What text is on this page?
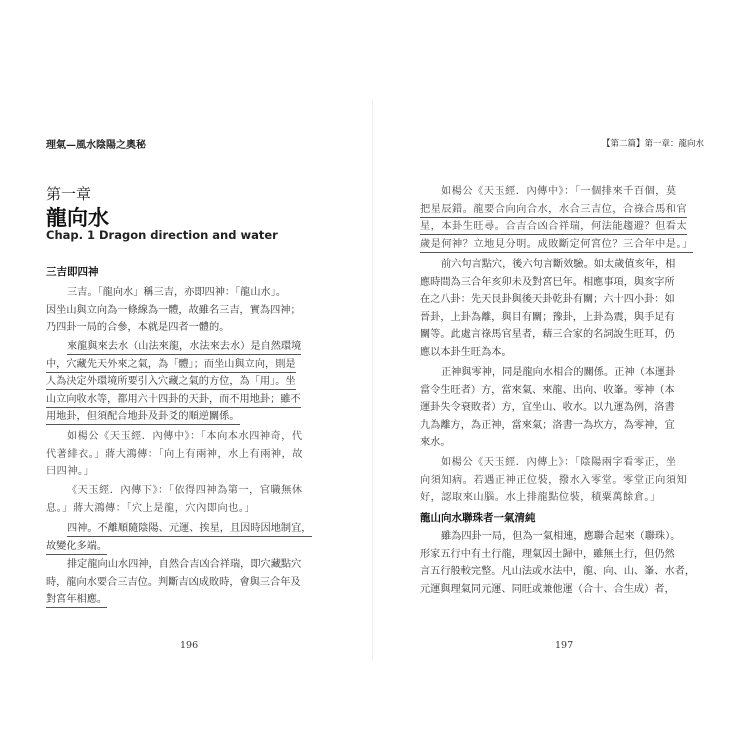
理氣—風水陰陽之奧秘
第一章
龍向水
Chap. 1 Dragon direction and water
三吉即四神
三吉。「龍向水」稱三吉，亦即四神：「龍山水」。
因坐山與立向為一條線為一體，故雖名三吉，實為四神；
乃四卦一局的合參，本就是四者一體的。
來龍與來去水（山法來龍，水法來去水）是自然環境
中，穴藏先天外來之氣，為「體」；而坐山與立向，則是
人為決定外環境所要引入穴藏之氣的方位，為「用」。坐
山立向收水等，都用六十四卦的天卦，而不用地卦；雖不
用地卦，但須配合地卦及卦爻的順逆關係。
如楊公《天玉經．內傳中》：「本向本水四神奇，代
代著緋衣。」蔣大鴻傳：「向上有兩神，水上有兩神，故
曰四神。」
《天玉經．內傳下》：「依得四神為第一，官職無休
息。」蔣大鴻傳：「穴上是龍，穴內即向也。」
四神。不離順隨陰陽、元運、挨星，且因時因地制宜，
故變化多端。
排定龍向山水四神，自然合吉凶合祥瑞，即穴藏點穴
時，龍向水要合三吉位。判斷吉凶成敗時，會與三合年及
對宮年相應。
196
【第二篇】第一章：龍向水
如楊公《天玉經．內傳中》：「一個排來千百個，莫
把星辰錯。龍要合向向合水，水合三吉位，合祿合馬和官
星，本卦生旺尋。合吉合凶合祥瑞，何法能趨避？但看太
歲是何神？立地見分明。成敗斷定何宮位？三合年中是。」
前六句言點穴，後六句言斷效驗。如太歲值亥年，相
應時間為三合年亥卯未及對宮巳年。相應事項，與亥字所
在之八卦：先天艮卦與後天卦乾卦有關；六十四小卦：如
晉卦，上卦為離，與目有關；豫卦，上卦為震，與手足有
關等。此處言祿馬官星者，藉三合家的名詞說生旺耳，仍
應以本卦生旺為本。
正神與零神，同是龍向水相合的關係。正神（本運卦
當令生旺者）方，當來氣、來龍、出向、收峯。零神（本
運卦失令衰敗者）方，宜坐山、收水。以九運為例，洛書
九為離方，為正神，當來氣；洛書一為坎方，為零神，宜
來水。
如楊公《天玉經．內傳上》：「陰陽兩字看零正，坐
向須知病。若遇正神正位裝，撥水入零堂。零堂正向須知
好，認取來山腦。水上排龍點位裝，積粟萬餘倉。」
龍山向水聯珠者一氣清純
雖為四卦一局，但為一氣相連，應聯合起來（聯珠）。
形家五行中有土行龍，理氣因土歸中，雖無土行，但仍然
言五行般較完整。凡山法或水法中，龍、向、山、峯、水者，
元運與理氣同元運、同旺或兼他運（合十、合生成）者，
197
